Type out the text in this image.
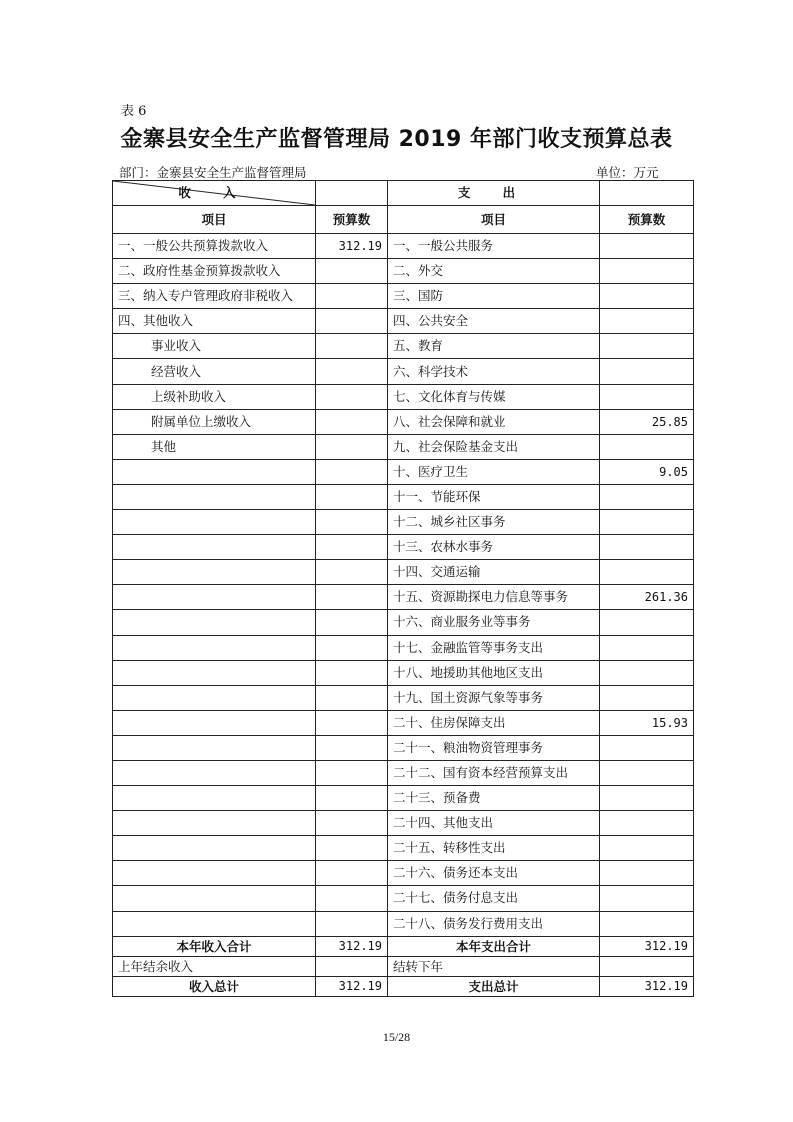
表 6
金寨县安全生产监督管理局 2019 年部门收支预算总表
部门：金寨县安全生产监督管理局	单位：万元
收 入		支 出	
项目	预算数	项目	预算数
一、一般公共预算拨款收入	312.19	一、一般公共服务	
二、政府性基金预算拨款收入		二、外交	
三、纳入专户管理政府非税收入		三、国防	
四、其他收入		四、公共安全	
事业收入		五、教育	
经营收入		六、科学技术	
上级补助收入		七、文化体育与传媒	
附属单位上缴收入		八、社会保障和就业	25.85
其他		九、社会保险基金支出	
		十、医疗卫生	9.05
		十一、节能环保	
		十二、城乡社区事务	
		十三、农林水事务	
		十四、交通运输	
		十五、资源勘探电力信息等事务	261.36
		十六、商业服务业等事务	
		十七、金融监管等事务支出	
		十八、地援助其他地区支出	
		十九、国土资源气象等事务	
		二十、住房保障支出	15.93
		二十一、粮油物资管理事务	
		二十二、国有资本经营预算支出	
		二十三、预备费	
		二十四、其他支出	
		二十五、转移性支出	
		二十六、债务还本支出	
		二十七、债务付息支出	
		二十八、债务发行费用支出	
本年收入合计	312.19	本年支出合计	312.19
上年结余收入		结转下年	
收入总计	312.19	支出总计	312.19
15/28
